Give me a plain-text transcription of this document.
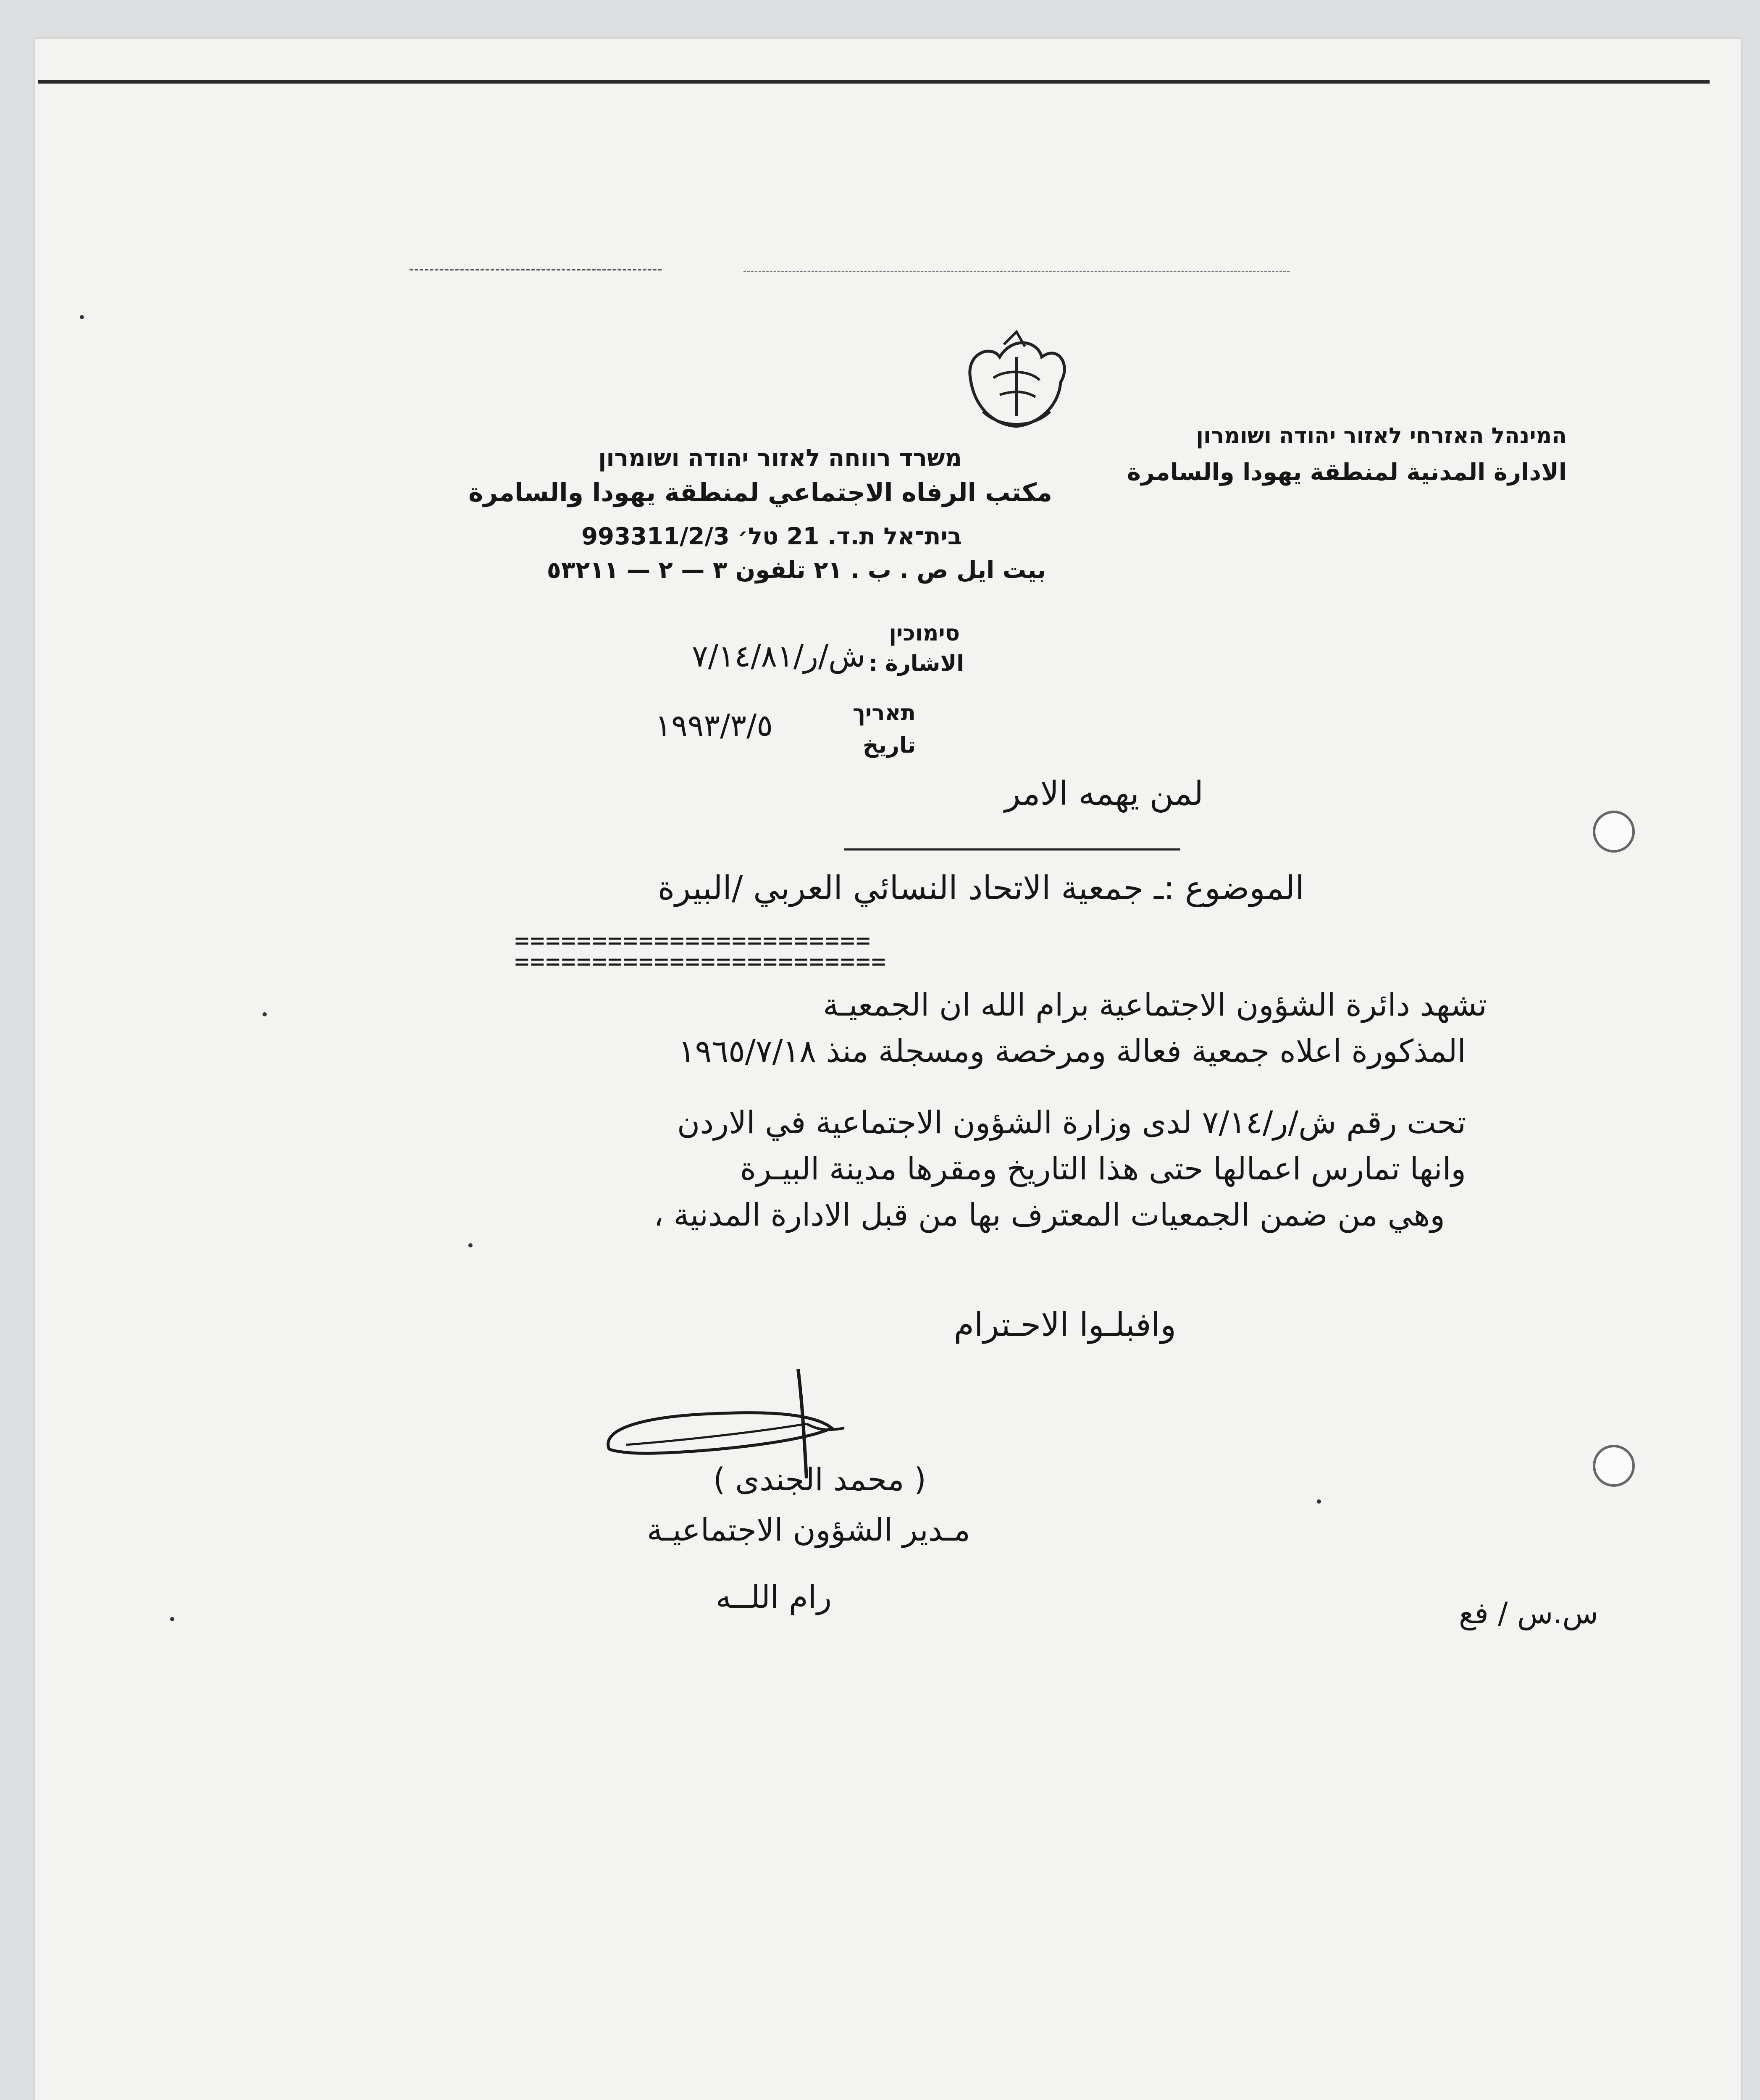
המינהל האזרחי לאזור יהודה ושומרון
الادارة المدنية لمنطقة يهودا والسامرة
משרד רווחה לאזור יהודה ושומרון
مكتب الرفاه الاجتماعي لمنطقة يهودا والسامرة
בית־אל ת.ד. 21 טל׳ 993311/2/3
بيت ايل ص . ب . ٢١ تلفون ٣ — ٢ — ٥٣٢١١
סימוכין
الاشارة :
ش/ر/٧/١٤/٨١
תאריך
تاريخ
١٩٩٣/٣/٥
لمن يهمه الامر
الموضوع :ـ جمعية الاتحاد النسائي العربي /البيرة
=======================
========================
تشهد دائرة الشؤون الاجتماعية برام الله ان الجمعيـة
المذكورة اعلاه جمعية فعالة ومرخصة ومسجلة منذ ١٩٦٥/٧/١٨
تحت رقم ش/ر/٧/١٤ لدى وزارة الشؤون الاجتماعية في الاردن
وانها تمارس اعمالها حتى هذا التاريخ ومقرها مدينة البيـرة
وهي من ضمن الجمعيات المعترف بها من قبل الادارة المدنية ،
وافبلـوا الاحـترام
( محمد الجندى )
مـدير الشؤون الاجتماعيـة
رام اللــه	س.س / فع
